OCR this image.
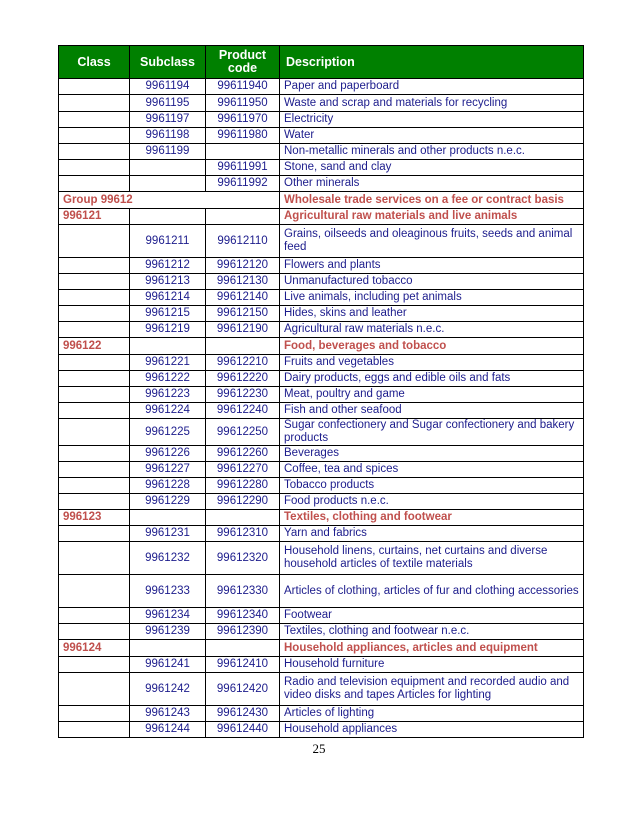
Class	Subclass	Product code	Description
	9961194	99611940	Paper and paperboard
	9961195	99611950	Waste and scrap and materials for recycling
	9961197	99611970	Electricity
	9961198	99611980	Water
	9961199		Non-metallic minerals and other products n.e.c.
		99611991	Stone, sand and clay
		99611992	Other minerals
Group 99612			Wholesale trade services on a fee or contract basis
996121			Agricultural raw materials and live animals
	9961211	99612110	Grains, oilseeds and oleaginous fruits, seeds and animal feed
	9961212	99612120	Flowers and plants
	9961213	99612130	Unmanufactured tobacco
	9961214	99612140	Live animals, including pet animals
	9961215	99612150	Hides, skins and leather
	9961219	99612190	Agricultural raw materials n.e.c.
996122			Food, beverages and tobacco
	9961221	99612210	Fruits and vegetables
	9961222	99612220	Dairy products, eggs and edible oils and fats
	9961223	99612230	Meat, poultry and game
	9961224	99612240	Fish and other seafood
	9961225	99612250	Sugar confectionery and Sugar confectionery and bakery products
	9961226	99612260	Beverages
	9961227	99612270	Coffee, tea and spices
	9961228	99612280	Tobacco products
	9961229	99612290	Food products n.e.c.
996123			Textiles, clothing and footwear
	9961231	99612310	Yarn and fabrics
	9961232	99612320	Household linens, curtains, net curtains and diverse household articles of textile materials
	9961233	99612330	Articles of clothing, articles of fur and clothing accessories
	9961234	99612340	Footwear
	9961239	99612390	Textiles, clothing and footwear n.e.c.
996124			Household appliances, articles and equipment
	9961241	99612410	Household furniture
	9961242	99612420	Radio and television equipment and recorded audio and video disks and tapes Articles for lighting
	9961243	99612430	Articles of lighting
	9961244	99612440	Household appliances
25
